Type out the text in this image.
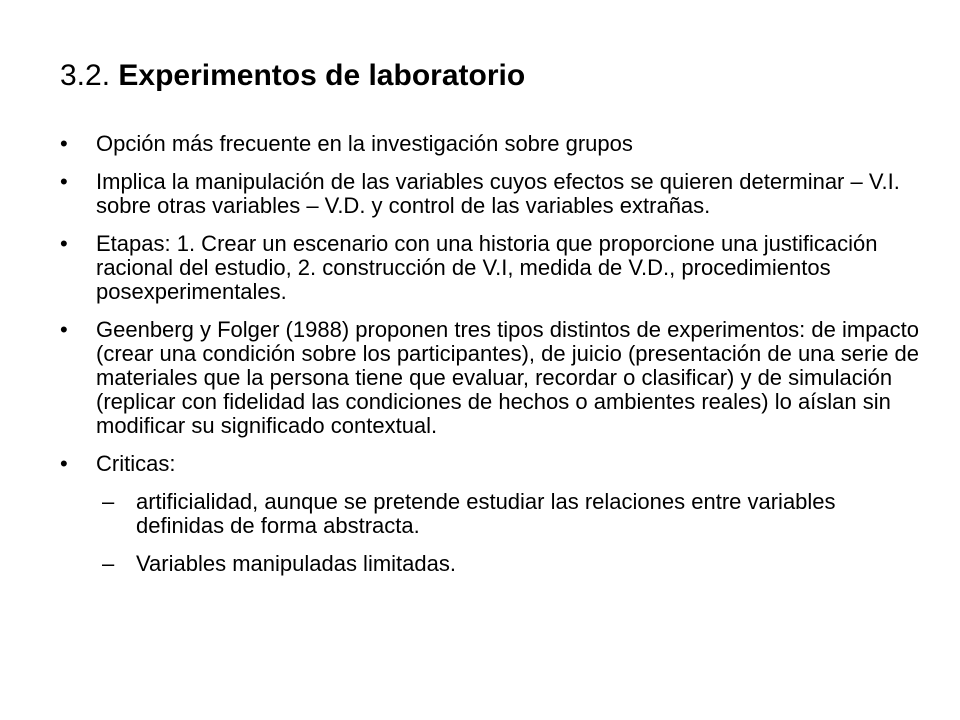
3.2. Experimentos de laboratorio
• Opción más frecuente en la investigación sobre grupos
• Implica la manipulación de las variables cuyos efectos se quieren determinar – V.I. sobre otras variables – V.D. y control de las variables extrañas.
• Etapas: 1. Crear un escenario con una historia que proporcione una justificación racional del estudio, 2. construcción de V.I, medida de V.D., procedimientos posexperimentales.
• Geenberg y Folger (1988) proponen tres tipos distintos de experimentos: de impacto (crear una condición sobre los participantes), de juicio (presentación de una serie de materiales que la persona tiene que evaluar, recordar o clasificar) y de simulación (replicar con fidelidad las condiciones de hechos o ambientes reales) lo aíslan sin modificar su significado contextual.
• Criticas:
– artificialidad, aunque se pretende estudiar las relaciones entre variables definidas de forma abstracta.
– Variables manipuladas limitadas.
